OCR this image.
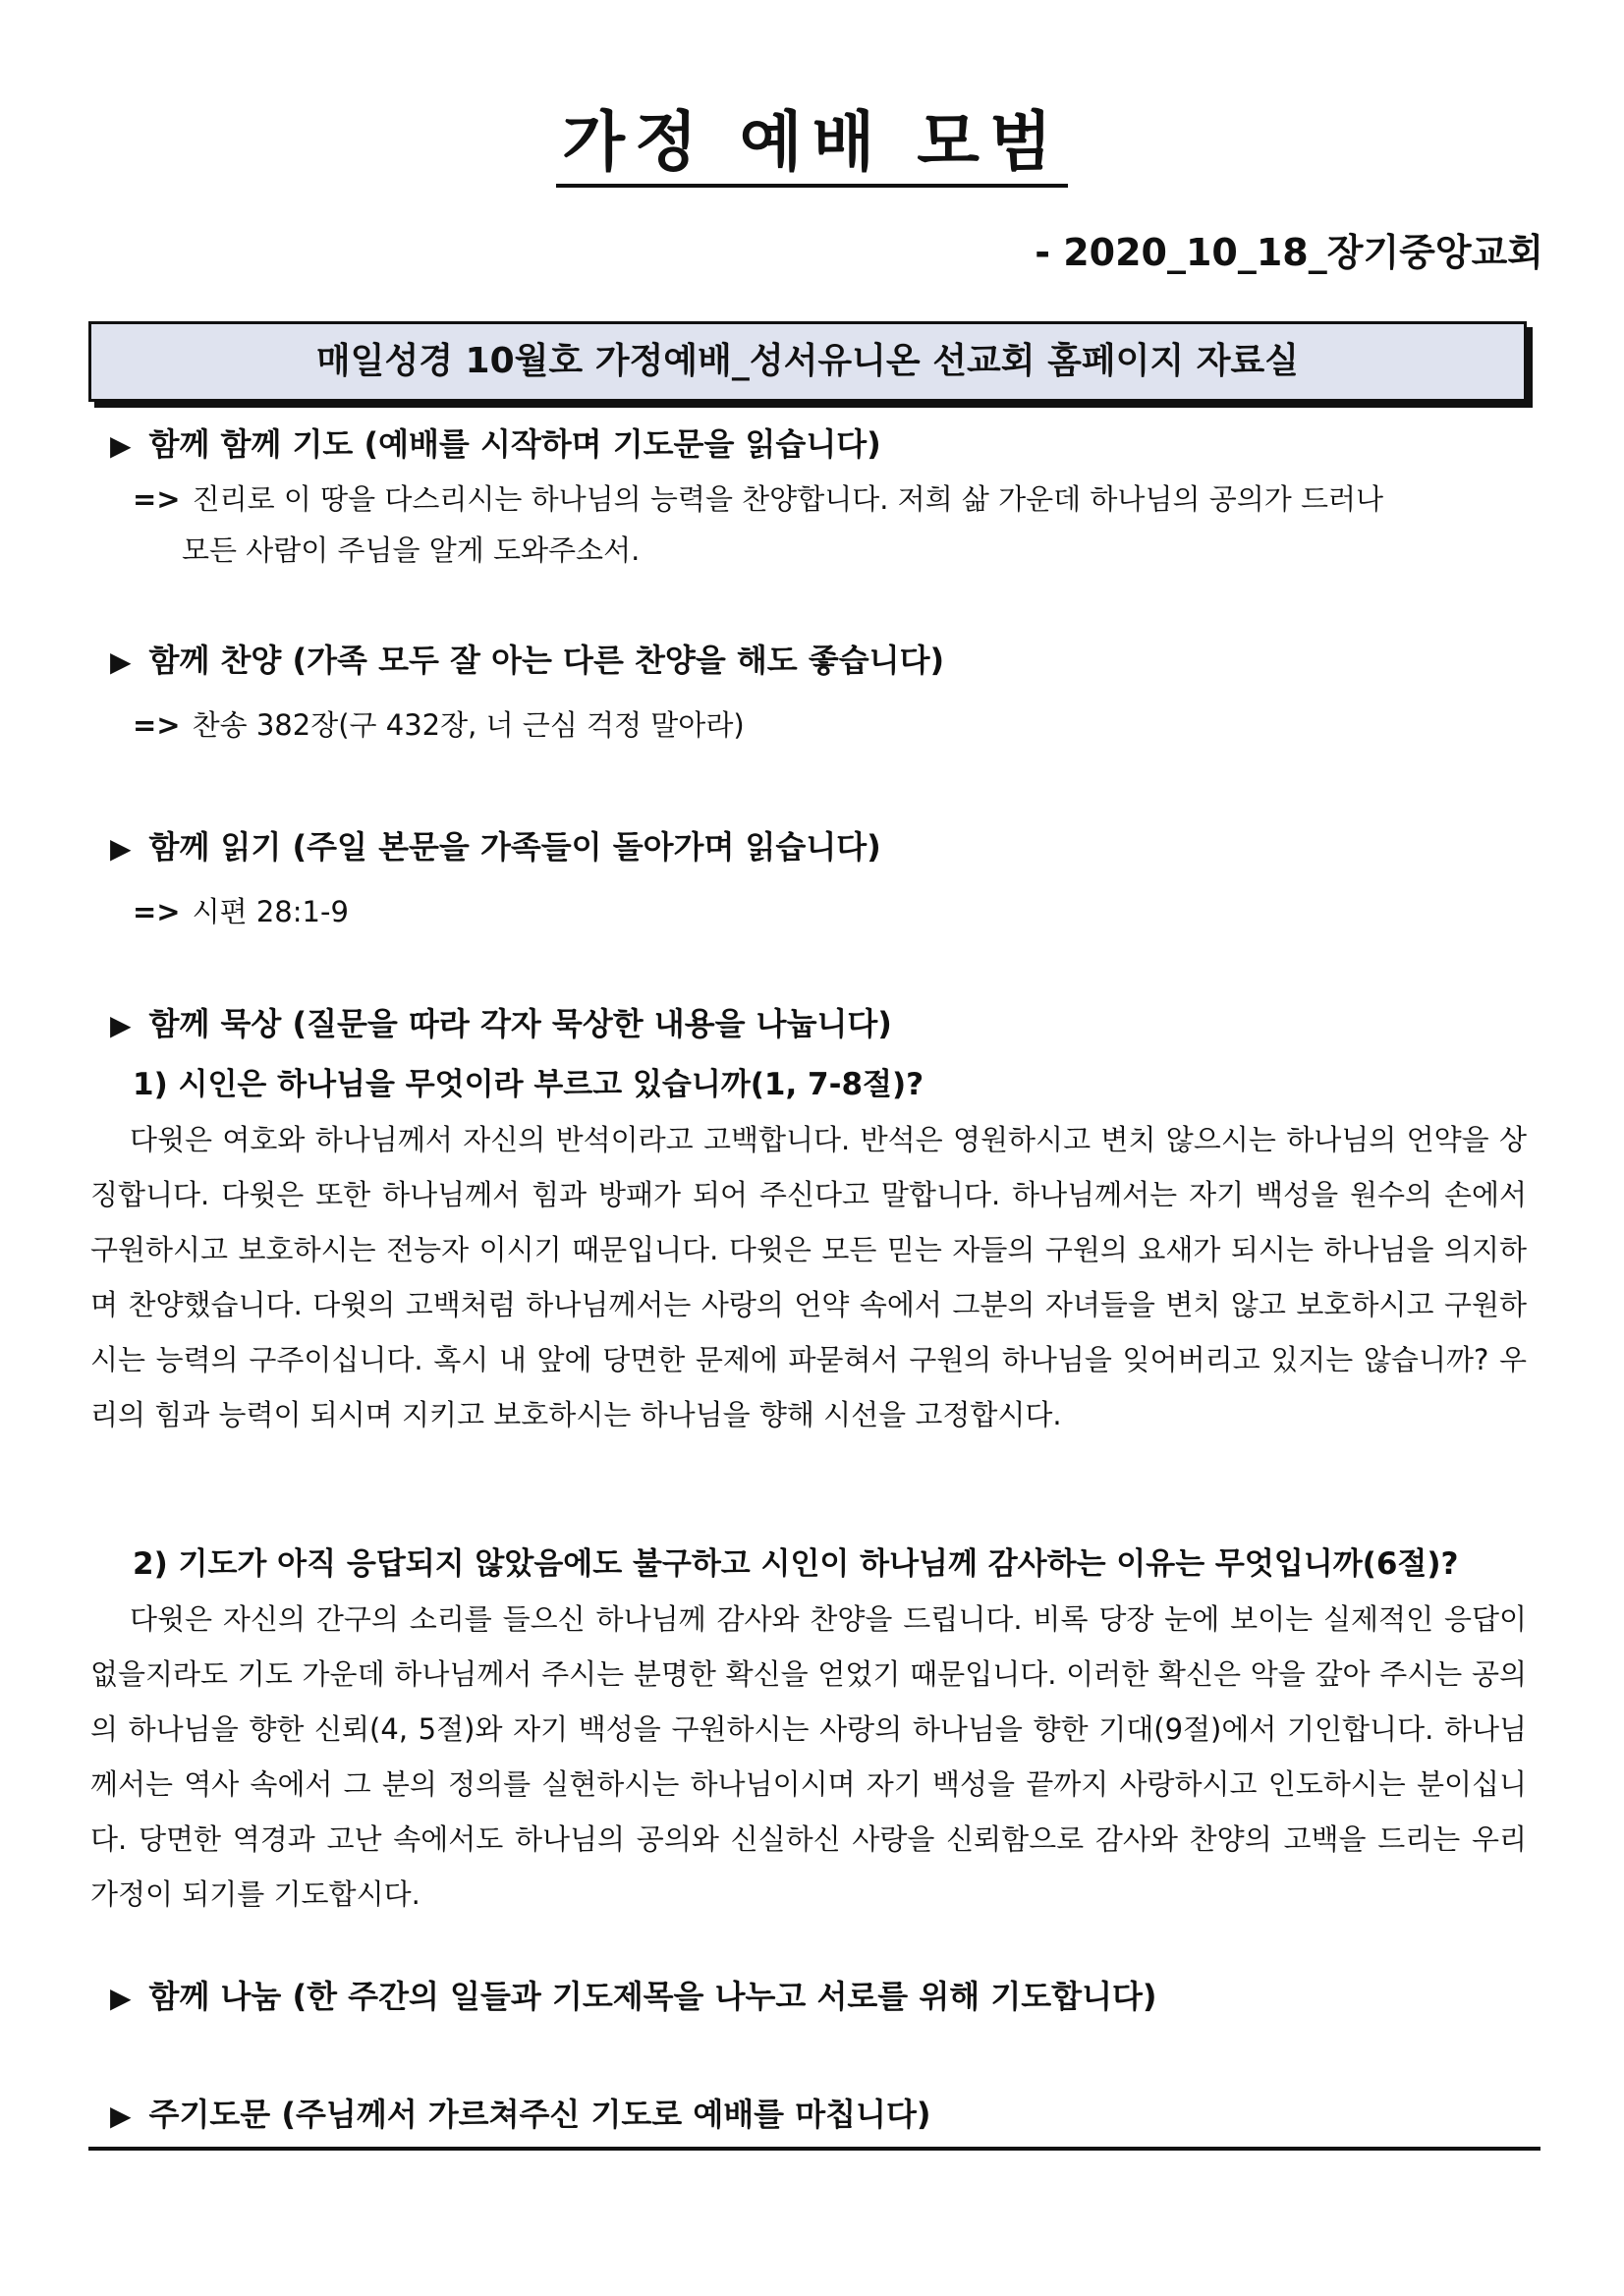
가정 예배 모범
- 2020_10_18_장기중앙교회
매일성경 10월호 가정예배_성서유니온 선교회 홈페이지 자료실
▶ 함께 함께 기도 (예배를 시작하며 기도문을 읽습니다)
=> 진리로 이 땅을 다스리시는 하나님의 능력을 찬양합니다. 저희 삶 가운데 하나님의 공의가 드러나
모든 사람이 주님을 알게 도와주소서.
▶ 함께 찬양 (가족 모두 잘 아는 다른 찬양을 해도 좋습니다)
=> 찬송 382장(구 432장, 너 근심 걱정 말아라)
▶ 함께 읽기 (주일 본문을 가족들이 돌아가며 읽습니다)
=> 시편 28:1-9
▶ 함께 묵상 (질문을 따라 각자 묵상한 내용을 나눕니다)
1) 시인은 하나님을 무엇이라 부르고 있습니까(1, 7-8절)?
다윗은 여호와 하나님께서 자신의 반석이라고 고백합니다. 반석은 영원하시고 변치 않으시는 하나님의 언약을 상징합니다. 다윗은 또한 하나님께서 힘과 방패가 되어 주신다고 말합니다. 하나님께서는 자기 백성을 원수의 손에서 구원하시고 보호하시는 전능자 이시기 때문입니다. 다윗은 모든 믿는 자들의 구원의 요새가 되시는 하나님을 의지하며 찬양했습니다. 다윗의 고백처럼 하나님께서는 사랑의 언약 속에서 그분의 자녀들을 변치 않고 보호하시고 구원하시는 능력의 구주이십니다. 혹시 내 앞에 당면한 문제에 파묻혀서 구원의 하나님을 잊어버리고 있지는 않습니까? 우리의 힘과 능력이 되시며 지키고 보호하시는 하나님을 향해 시선을 고정합시다.
2) 기도가 아직 응답되지 않았음에도 불구하고 시인이 하나님께 감사하는 이유는 무엇입니까(6절)?
다윗은 자신의 간구의 소리를 들으신 하나님께 감사와 찬양을 드립니다. 비록 당장 눈에 보이는 실제적인 응답이 없을지라도 기도 가운데 하나님께서 주시는 분명한 확신을 얻었기 때문입니다. 이러한 확신은 악을 갚아 주시는 공의의 하나님을 향한 신뢰(4, 5절)와 자기 백성을 구원하시는 사랑의 하나님을 향한 기대(9절)에서 기인합니다. 하나님께서는 역사 속에서 그 분의 정의를 실현하시는 하나님이시며 자기 백성을 끝까지 사랑하시고 인도하시는 분이십니다. 당면한 역경과 고난 속에서도 하나님의 공의와 신실하신 사랑을 신뢰함으로 감사와 찬양의 고백을 드리는 우리 가정이 되기를 기도합시다.
▶ 함께 나눔 (한 주간의 일들과 기도제목을 나누고 서로를 위해 기도합니다)
▶ 주기도문 (주님께서 가르쳐주신 기도로 예배를 마칩니다)
